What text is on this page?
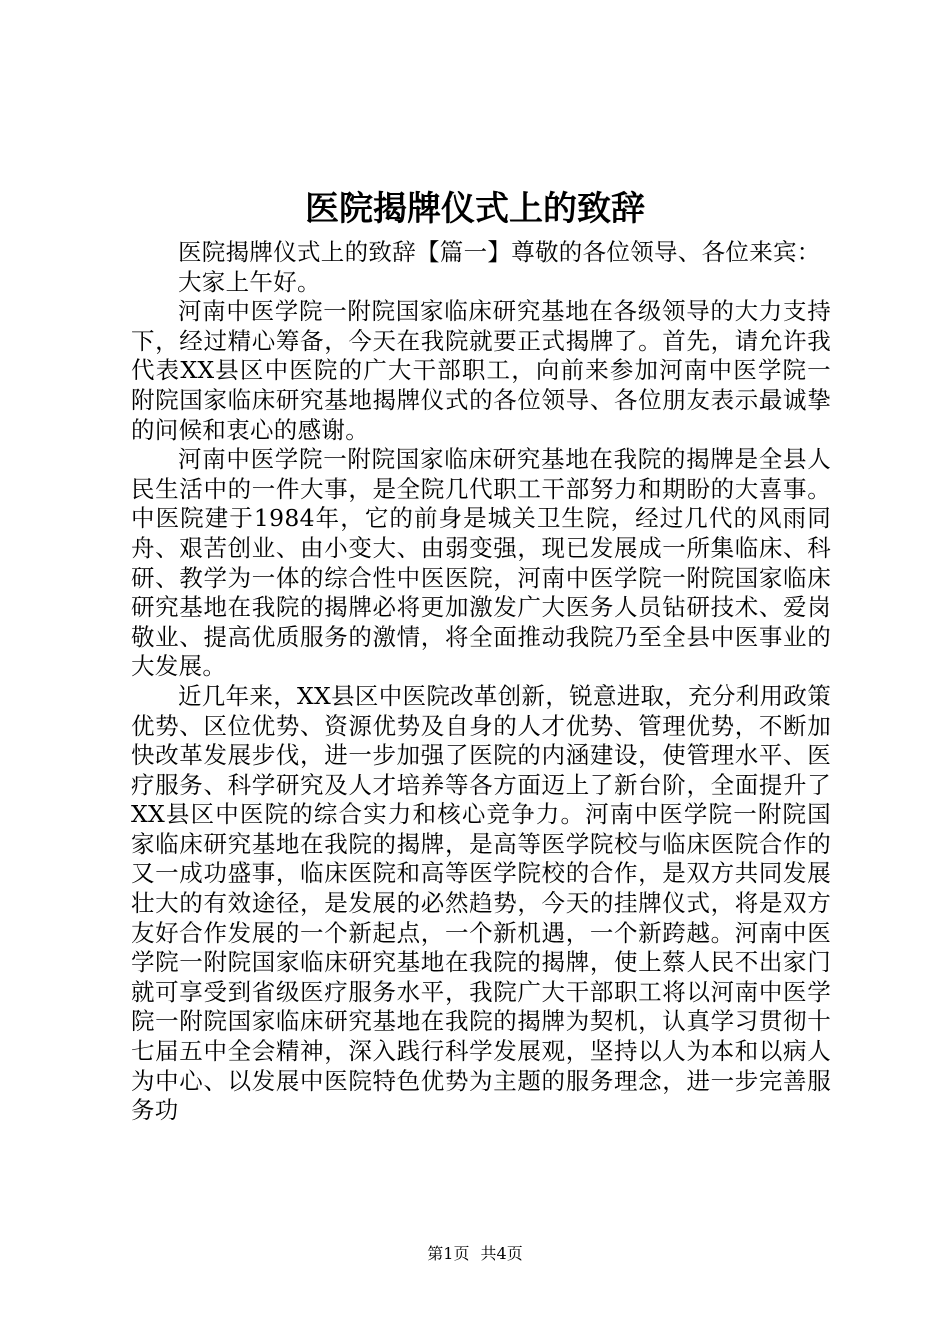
医院揭牌仪式上的致辞

医院揭牌仪式上的致辞【篇一】尊敬的各位领导、各位来宾：

大家上午好。

河南中医学院一附院国家临床研究基地在各级领导的大力支持下，经过精心筹备，今天在我院就要正式揭牌了。首先，请允许我代表XX县区中医院的广大干部职工，向前来参加河南中医学院一附院国家临床研究基地揭牌仪式的各位领导、各位朋友表示最诚挚的问候和衷心的感谢。

河南中医学院一附院国家临床研究基地在我院的揭牌是全县人民生活中的一件大事，是全院几代职工干部努力和期盼的大喜事。中医院建于1984年，它的前身是城关卫生院，经过几代的风雨同舟、艰苦创业、由小变大、由弱变强，现已发展成一所集临床、科研、教学为一体的综合性中医医院，河南中医学院一附院国家临床研究基地在我院的揭牌必将更加激发广大医务人员钻研技术、爱岗敬业、提高优质服务的激情，将全面推动我院乃至全县中医事业的大发展。

近几年来，XX县区中医院改革创新，锐意进取，充分利用政策优势、区位优势、资源优势及自身的人才优势、管理优势，不断加快改革发展步伐，进一步加强了医院的内涵建设，使管理水平、医疗服务、科学研究及人才培养等各方面迈上了新台阶，全面提升了XX县区中医院的综合实力和核心竞争力。河南中医学院一附院国家临床研究基地在我院的揭牌，是高等医学院校与临床医院合作的又一成功盛事，临床医院和高等医学院校的合作，是双方共同发展壮大的有效途径，是发展的必然趋势，今天的挂牌仪式，将是双方友好合作发展的一个新起点，一个新机遇，一个新跨越。河南中医学院一附院国家临床研究基地在我院的揭牌，使上蔡人民不出家门就可享受到省级医疗服务水平，我院广大干部职工将以河南中医学院一附院国家临床研究基地在我院的揭牌为契机，认真学习贯彻十七届五中全会精神，深入践行科学发展观，坚持以人为本和以病人为中心、以发展中医院特色优势为主题的服务理念，进一步完善服务功

第1页 共4页
